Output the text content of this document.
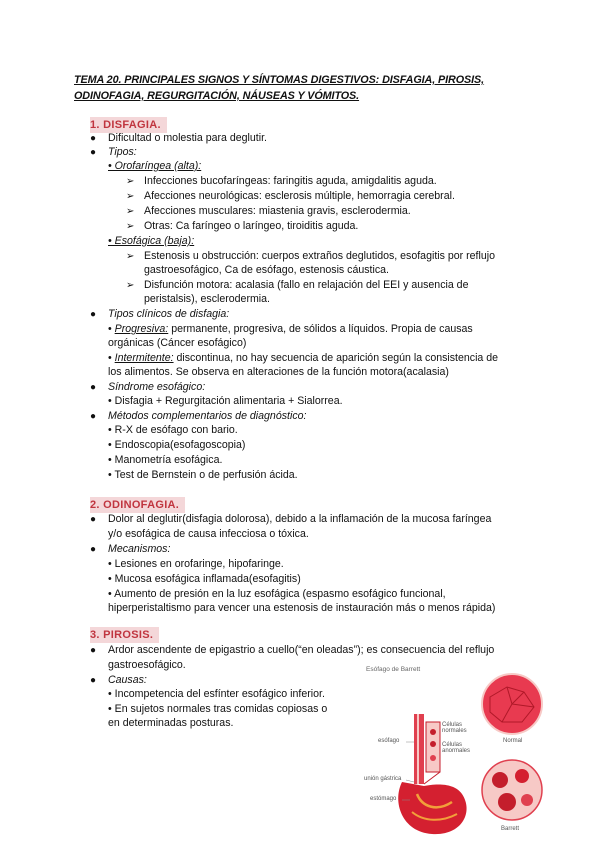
TEMA 20. PRINCIPALES SIGNOS Y SÍNTOMAS DIGESTIVOS: DISFAGIA, PIROSIS,
ODINOFAGIA, REGURGITACIÓN, NÁUSEAS Y VÓMITOS.
1. DISFAGIA.
● Dificultad o molestia para deglutir.
● Tipos:
• Orofaríngea (alta):
➢ Infecciones bucofaríngeas: faringitis aguda, amigdalitis aguda.
➢ Afecciones neurológicas: esclerosis múltiple, hemorragia cerebral.
➢ Afecciones musculares: miastenia gravis, esclerodermia.
➢ Otras: Ca faríngeo o laríngeo, tiroiditis aguda.
• Esofágica (baja):
➢ Estenosis u obstrucción: cuerpos extraños deglutidos, esofagitis por reflujo
gastroesofágico, Ca de esófago, estenosis cáustica.
➢ Disfunción motora: acalasia (fallo en relajación del EEI y ausencia de
peristalsis), esclerodermia.
● Tipos clínicos de disfagia:
• Progresiva: permanente, progresiva, de sólidos a líquidos. Propia de causas
orgánicas (Cáncer esofágico)
• Intermitente: discontinua, no hay secuencia de aparición según la consistencia de
los alimentos. Se observa en alteraciones de la función motora(acalasia)
● Síndrome esofágico:
• Disfagia + Regurgitación alimentaria + Sialorrea.
● Métodos complementarios de diagnóstico:
• R-X de esófago con bario.
• Endoscopia(esofagoscopia)
• Manometría esofágica.
• Test de Bernstein o de perfusión ácida.
2. ODINOFAGIA.
● Dolor al deglutir(disfagia dolorosa), debido a la inflamación de la mucosa faríngea
y/o esofágica de causa infecciosa o tóxica.
● Mecanismos:
• Lesiones en orofaringe, hipofaringe.
• Mucosa esofágica inflamada(esofagitis)
• Aumento de presión en la luz esofágica (espasmo esofágico funcional,
hiperperistaltismo para vencer una estenosis de instauración más o menos rápida)
3. PIROSIS.
● Ardor ascendente de epigastrio a cuello(“en oleadas”); es consecuencia del reflujo
gastroesofágico.
● Causas:
• Incompetencia del esfínter esofágico inferior.
• En sujetos normales tras comidas copiosas o
en determinadas posturas.
Esófago de Barrett
Células normales
Células anormales
esófago
unión gástrica
estómago
Normal
Barrett
